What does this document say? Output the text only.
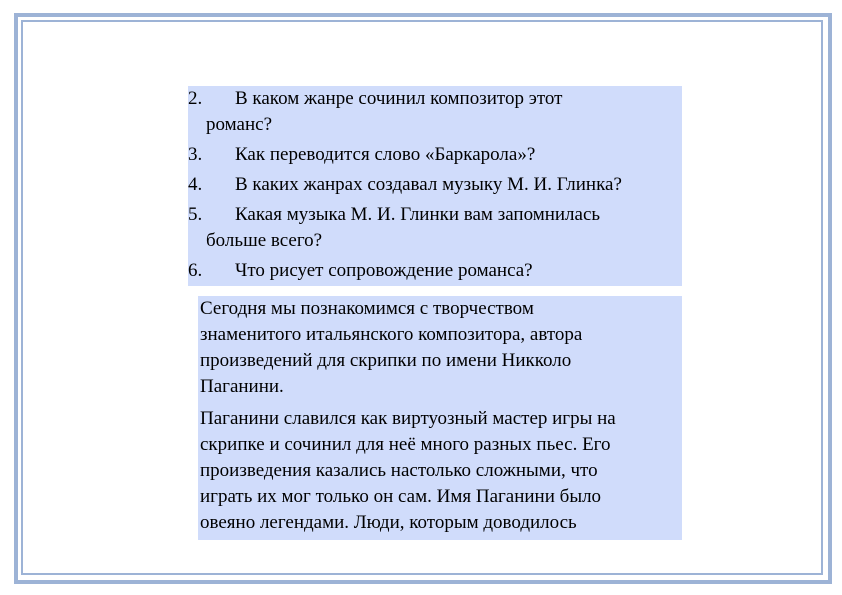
2. В каком жанре сочинил композитор этот
романс?
3. Как переводится слово «Баркарола»?
4. В каких жанрах создавал музыку М. И. Глинка?
5. Какая музыка М. И. Глинки вам запомнилась
больше всего?
6. Что рисует сопровождение романса?
Сегодня мы познакомимся с творчеством
знаменитого итальянского композитора, автора
произведений для скрипки по имени Никколо
Паганини.
Паганини славился как виртуозный мастер игры на
скрипке и сочинил для неё много разных пьес. Его
произведения казались настолько сложными, что
играть их мог только он сам. Имя Паганини было
овеяно легендами. Люди, которым доводилось
